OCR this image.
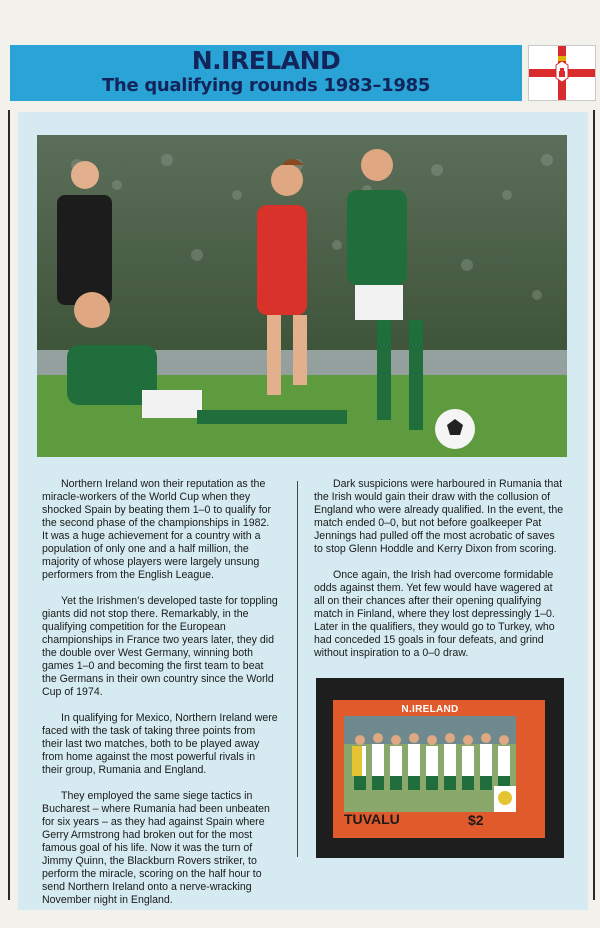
N.IRELAND
The qualifying rounds 1983–1985

Northern Ireland won their reputation as the miracle-workers of the World Cup when they shocked Spain by beating them 1–0 to qualify for the second phase of the championships in 1982. It was a huge achievement for a country with a population of only one and a half million, the majority of whose players were largely unsung performers from the English League.

Yet the Irishmen’s developed taste for toppling giants did not stop there. Remarkably, in the qualifying competition for the European championships in France two years later, they did the double over West Germany, winning both games 1–0 and becoming the first team to beat the Germans in their own country since the World Cup of 1974.

In qualifying for Mexico, Northern Ireland were faced with the task of taking three points from their last two matches, both to be played away from home against the most powerful rivals in their group, Rumania and England.

They employed the same siege tactics in Bucharest – where Rumania had been unbeaten for six years – as they had against Spain where Gerry Armstrong had broken out for the most famous goal of his life. Now it was the turn of Jimmy Quinn, the Blackburn Rovers striker, to perform the miracle, scoring on the half hour to send Northern Ireland onto a nerve-wracking November night in England.

Dark suspicions were harboured in Rumania that the Irish would gain their draw with the collusion of England who were already qualified. In the event, the match ended 0–0, but not before goalkeeper Pat Jennings had pulled off the most acrobatic of saves to stop Glenn Hoddle and Kerry Dixon from scoring.

Once again, the Irish had overcome formidable odds against them. Yet few would have wagered at all on their chances after their opening qualifying match in Finland, where they lost depressingly 1–0. Later in the qualifiers, they would go to Turkey, who had conceded 15 goals in four defeats, and grind without inspiration to a 0–0 draw.

N.IRELAND
TUVALU	$2
